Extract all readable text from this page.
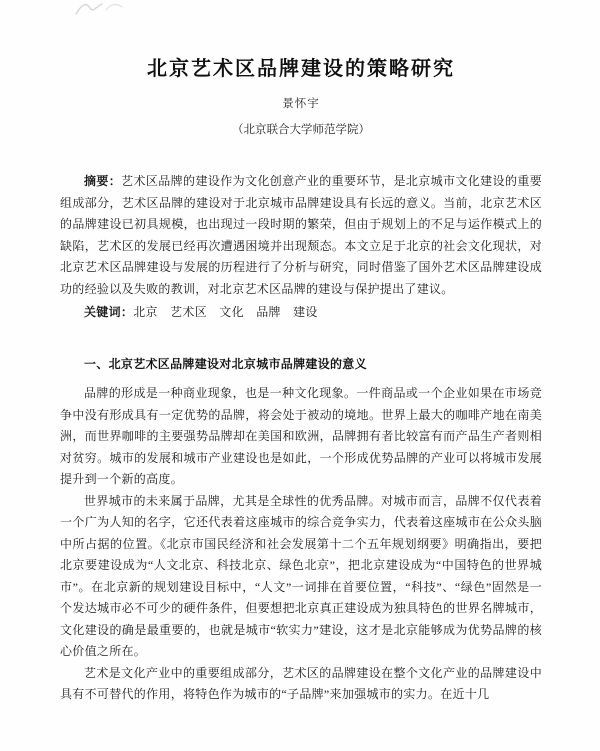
北京艺术区品牌建设的策略研究
景怀宇
（北京联合大学师范学院）

摘要：艺术区品牌的建设作为文化创意产业的重要环节，是北京城市文化建设的重要组成部分，艺术区品牌的建设对于北京城市品牌建设具有长远的意义。当前，北京艺术区的品牌建设已初具规模，也出现过一段时期的繁荣，但由于规划上的不足与运作模式上的缺陷，艺术区的发展已经再次遭遇困境并出现颓态。本文立足于北京的社会文化现状，对北京艺术区品牌建设与发展的历程进行了分析与研究，同时借鉴了国外艺术区品牌建设成功的经验以及失败的教训，对北京艺术区品牌的建设与保护提出了建议。

关键词：北京　艺术区　文化　品牌　建设

一、北京艺术区品牌建设对北京城市品牌建设的意义

品牌的形成是一种商业现象，也是一种文化现象。一件商品或一个企业如果在市场竞争中没有形成具有一定优势的品牌，将会处于被动的境地。世界上最大的咖啡产地在南美洲，而世界咖啡的主要强势品牌却在美国和欧洲，品牌拥有者比较富有而产品生产者则相对贫穷。城市的发展和城市产业建设也是如此，一个形成优势品牌的产业可以将城市发展提升到一个新的高度。

世界城市的未来属于品牌，尤其是全球性的优秀品牌。对城市而言，品牌不仅代表着一个广为人知的名字，它还代表着这座城市的综合竞争实力，代表着这座城市在公众头脑中所占据的位置。《北京市国民经济和社会发展第十二个五年规划纲要》明确指出，要把北京要建设成为“人文北京、科技北京、绿色北京”，把北京建设成为“中国特色的世界城市”。在北京新的规划建设目标中，“人文”一词排在首要位置，“科技”、“绿色”固然是一个发达城市必不可少的硬件条件，但要想把北京真正建设成为独具特色的世界名牌城市，文化建设的确是最重要的，也就是城市“软实力”建设，这才是北京能够成为优势品牌的核心价值之所在。

艺术是文化产业中的重要组成部分，艺术区的品牌建设在整个文化产业的品牌建设中具有不可替代的作用，将特色作为城市的“子品牌”来加强城市的实力。在近十几
